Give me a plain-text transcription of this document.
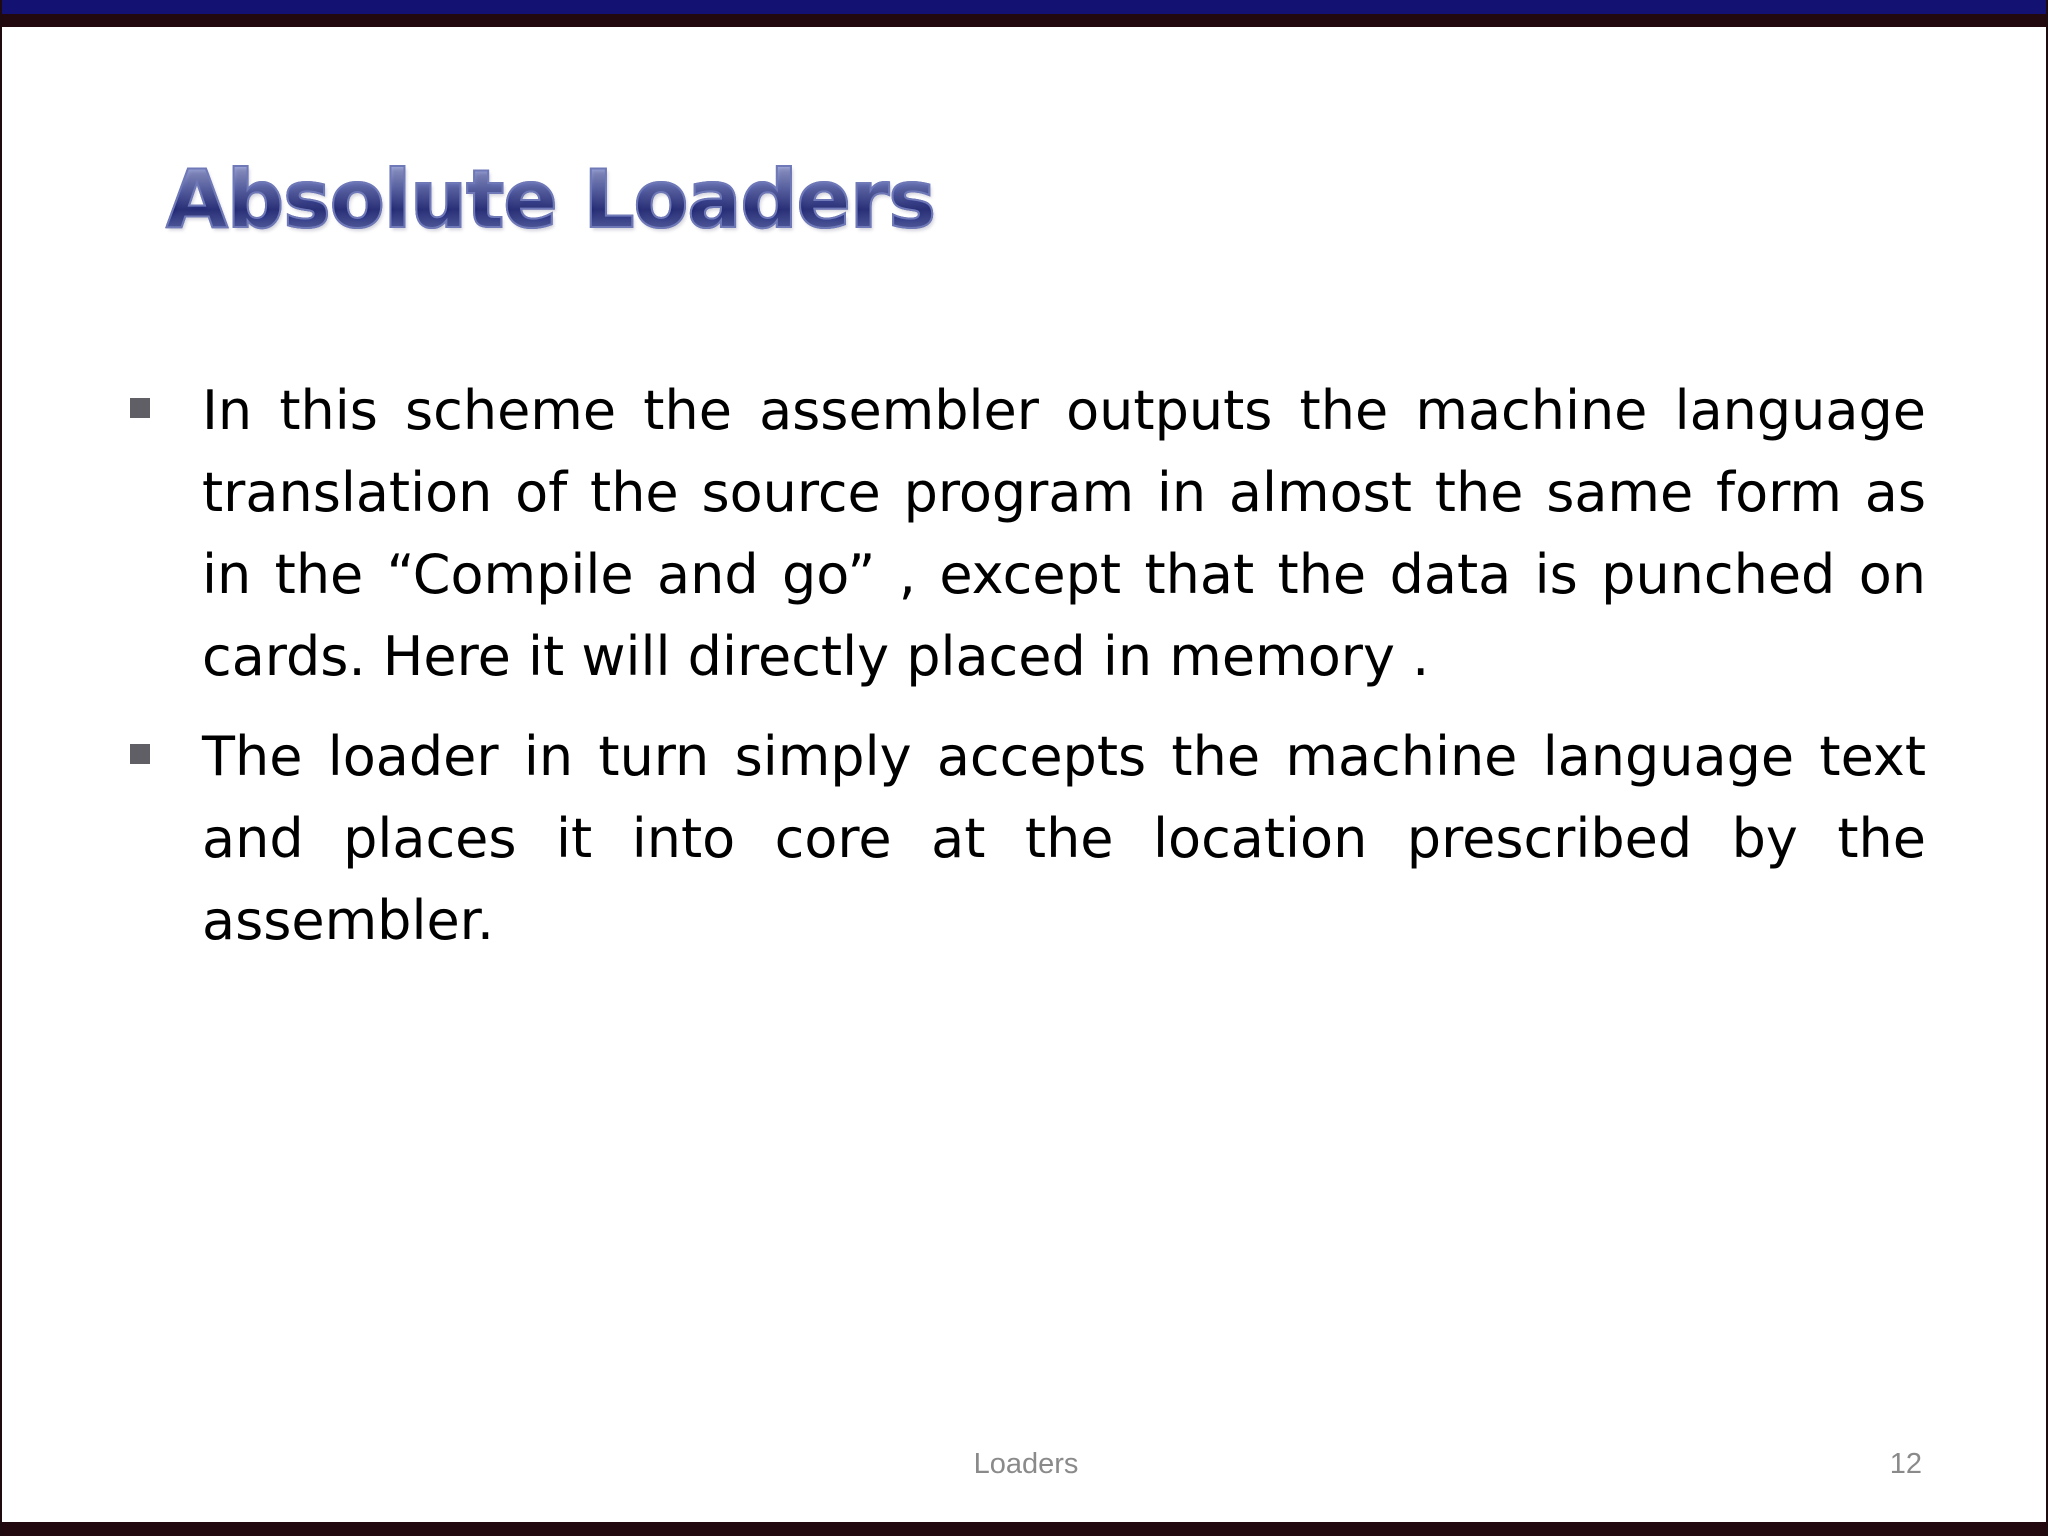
Absolute Loaders
In this scheme the assembler outputs the machine language translation of the source program in almost the same form as in the “Compile and go” , except that the data is punched on cards. Here it will directly placed in memory .
The loader in turn simply accepts the machine language text and places it into core at the location prescribed by the assembler.
Loaders	12
